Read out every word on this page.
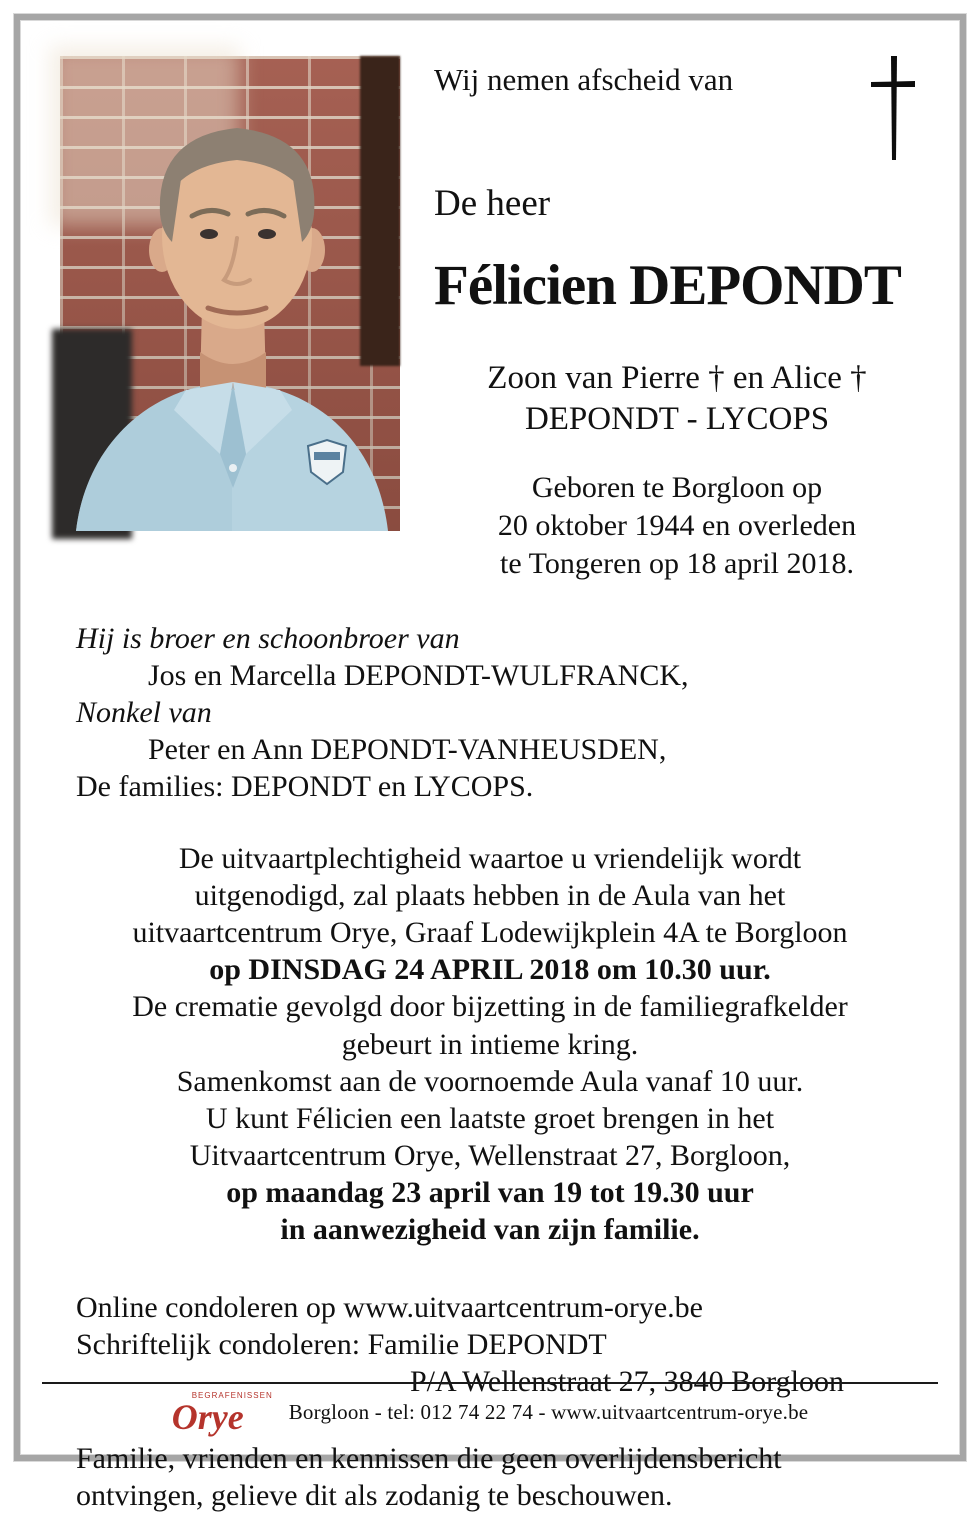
Wij nemen afscheid van
De heer
Félicien DEPONDT
Zoon van Pierre † en Alice †
DEPONDT - LYCOPS
Geboren te Borgloon op
20 oktober 1944 en overleden
te Tongeren op 18 april 2018.
Hij is broer en schoonbroer van
Jos en Marcella DEPONDT-WULFRANCK,
Nonkel van
Peter en Ann DEPONDT-VANHEUSDEN,
De families: DEPONDT en LYCOPS.
De uitvaartplechtigheid waartoe u vriendelijk wordt
uitgenodigd, zal plaats hebben in de Aula van het
uitvaartcentrum Orye, Graaf Lodewijkplein 4A te Borgloon
op DINSDAG 24 APRIL 2018 om 10.30 uur.
De crematie gevolgd door bijzetting in de familiegrafkelder
gebeurt in intieme kring.
Samenkomst aan de voornoemde Aula vanaf 10 uur.
U kunt Félicien een laatste groet brengen in het
Uitvaartcentrum Orye, Wellenstraat 27, Borgloon,
op maandag 23 april van 19 tot 19.30 uur
in aanwezigheid van zijn familie.
Online condoleren op www.uitvaartcentrum-orye.be
Schriftelijk condoleren: Familie DEPONDT
P/A Wellenstraat 27, 3840 Borgloon
Familie, vrienden en kennissen die geen overlijdensbericht
ontvingen, gelieve dit als zodanig te beschouwen.
BEGRAFENISSEN
Orye Borgloon - tel: 012 74 22 74 - www.uitvaartcentrum-orye.be
